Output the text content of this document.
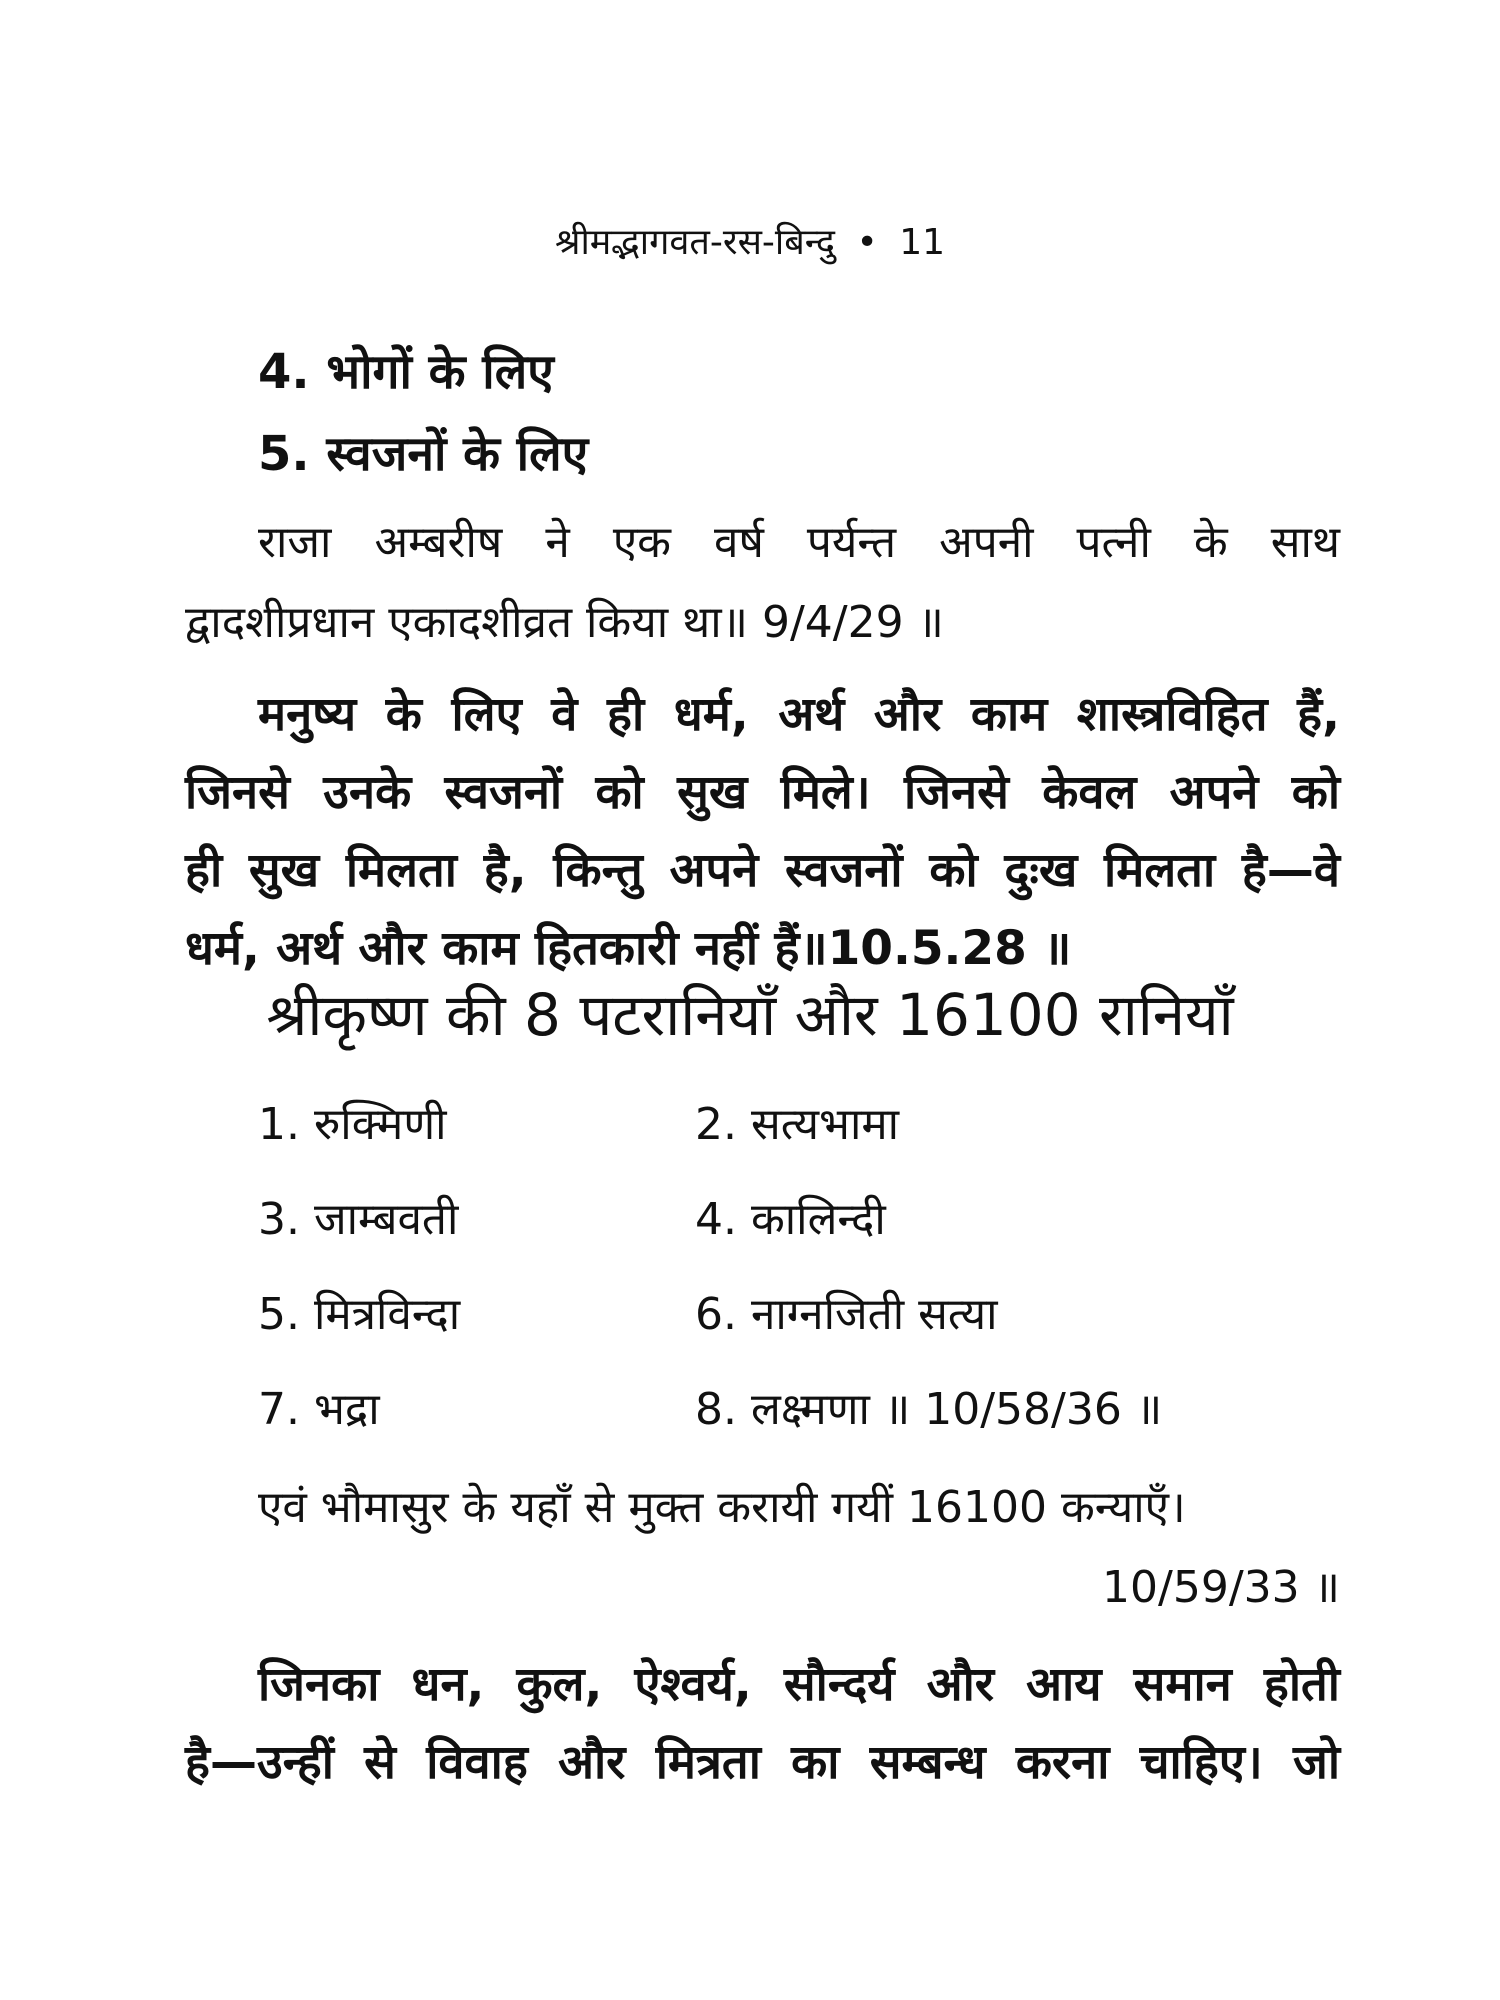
श्रीमद्भागवत-रस-बिन्दु • 11
4. भोगों के लिए
5. स्वजनों के लिए
राजा अम्बरीष ने एक वर्ष पर्यन्त अपनी पत्नी के साथ
द्वादशीप्रधान एकादशीव्रत किया था॥ 9/4/29 ॥
मनुष्य के लिए वे ही धर्म, अर्थ और काम शास्त्रविहित हैं,
जिनसे उनके स्वजनों को सुख मिले। जिनसे केवल अपने को
ही सुख मिलता है, किन्तु अपने स्वजनों को दुःख मिलता है—वे
धर्म, अर्थ और काम हितकारी नहीं हैं॥10.5.28 ॥
श्रीकृष्ण की 8 पटरानियाँ और 16100 रानियाँ
1. रुक्मिणी	2. सत्यभामा
3. जाम्बवती	4. कालिन्दी
5. मित्रविन्दा	6. नाग्नजिती सत्या
7. भद्रा	8. लक्ष्मणा ॥ 10/58/36 ॥
एवं भौमासुर के यहाँ से मुक्त करायी गयीं 16100 कन्याएँ।
10/59/33 ॥
जिनका धन, कुल, ऐश्वर्य, सौन्दर्य और आय समान होती
है—उन्हीं से विवाह और मित्रता का सम्बन्ध करना चाहिए। जो
